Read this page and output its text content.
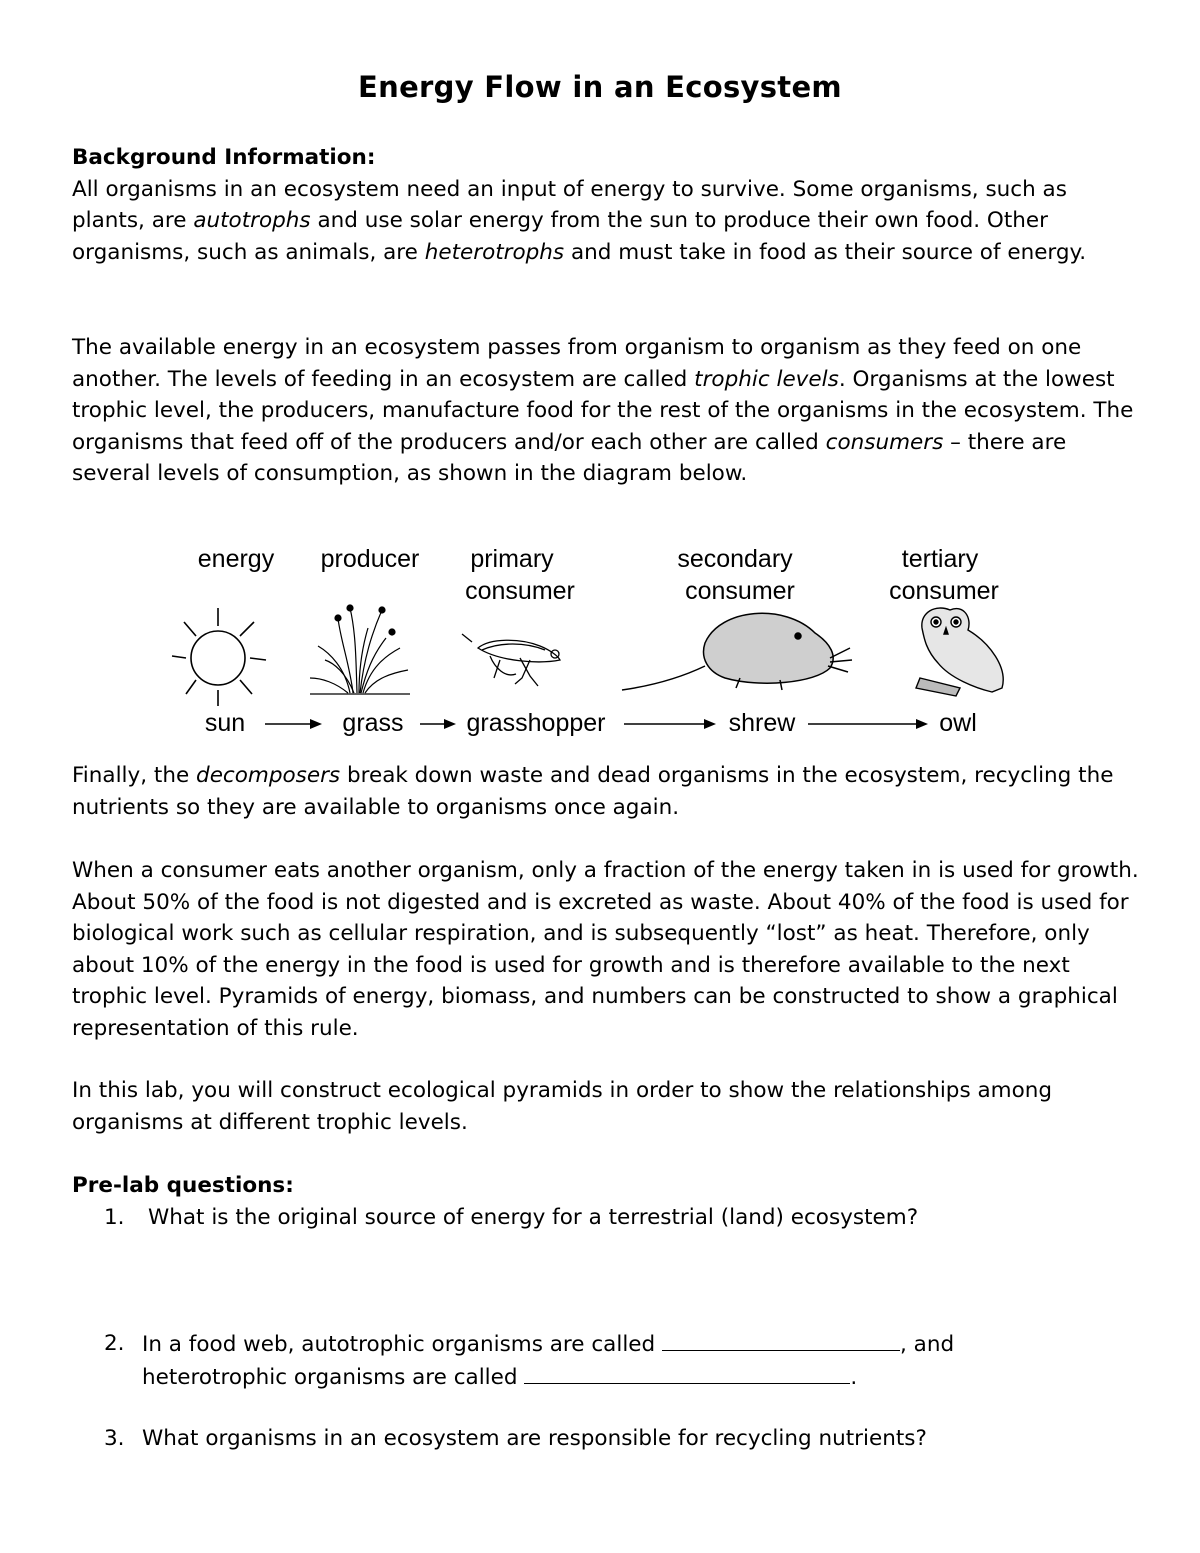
Energy Flow in an Ecosystem
Background Information:
All organisms in an ecosystem need an input of energy to survive. Some organisms, such as plants, are autotrophs and use solar energy from the sun to produce their own food. Other organisms, such as animals, are heterotrophs and must take in food as their source of energy.
The available energy in an ecosystem passes from organism to organism as they feed on one another. The levels of feeding in an ecosystem are called trophic levels. Organisms at the lowest trophic level, the producers, manufacture food for the rest of the organisms in the ecosystem. The organisms that feed off of the producers and/or each other are called consumers – there are several levels of consumption, as shown in the diagram below.
energy producer primary
consumer
secondary
consumer
tertiary
consumer
sun	grass	grasshopper	shrew	owl
Finally, the decomposers break down waste and dead organisms in the ecosystem, recycling the nutrients so they are available to organisms once again.
When a consumer eats another organism, only a fraction of the energy taken in is used for growth. About 50% of the food is not digested and is excreted as waste. About 40% of the food is used for biological work such as cellular respiration, and is subsequently “lost” as heat. Therefore, only about 10% of the energy in the food is used for growth and is therefore available to the next trophic level. Pyramids of energy, biomass, and numbers can be constructed to show a graphical representation of this rule.
In this lab, you will construct ecological pyramids in order to show the relationships among organisms at different trophic levels.
Pre-lab questions:
1. What is the original source of energy for a terrestrial (land) ecosystem?
2. In a food web, autotrophic organisms are called	, and
heterotrophic organisms are called	.
3. What organisms in an ecosystem are responsible for recycling nutrients?
